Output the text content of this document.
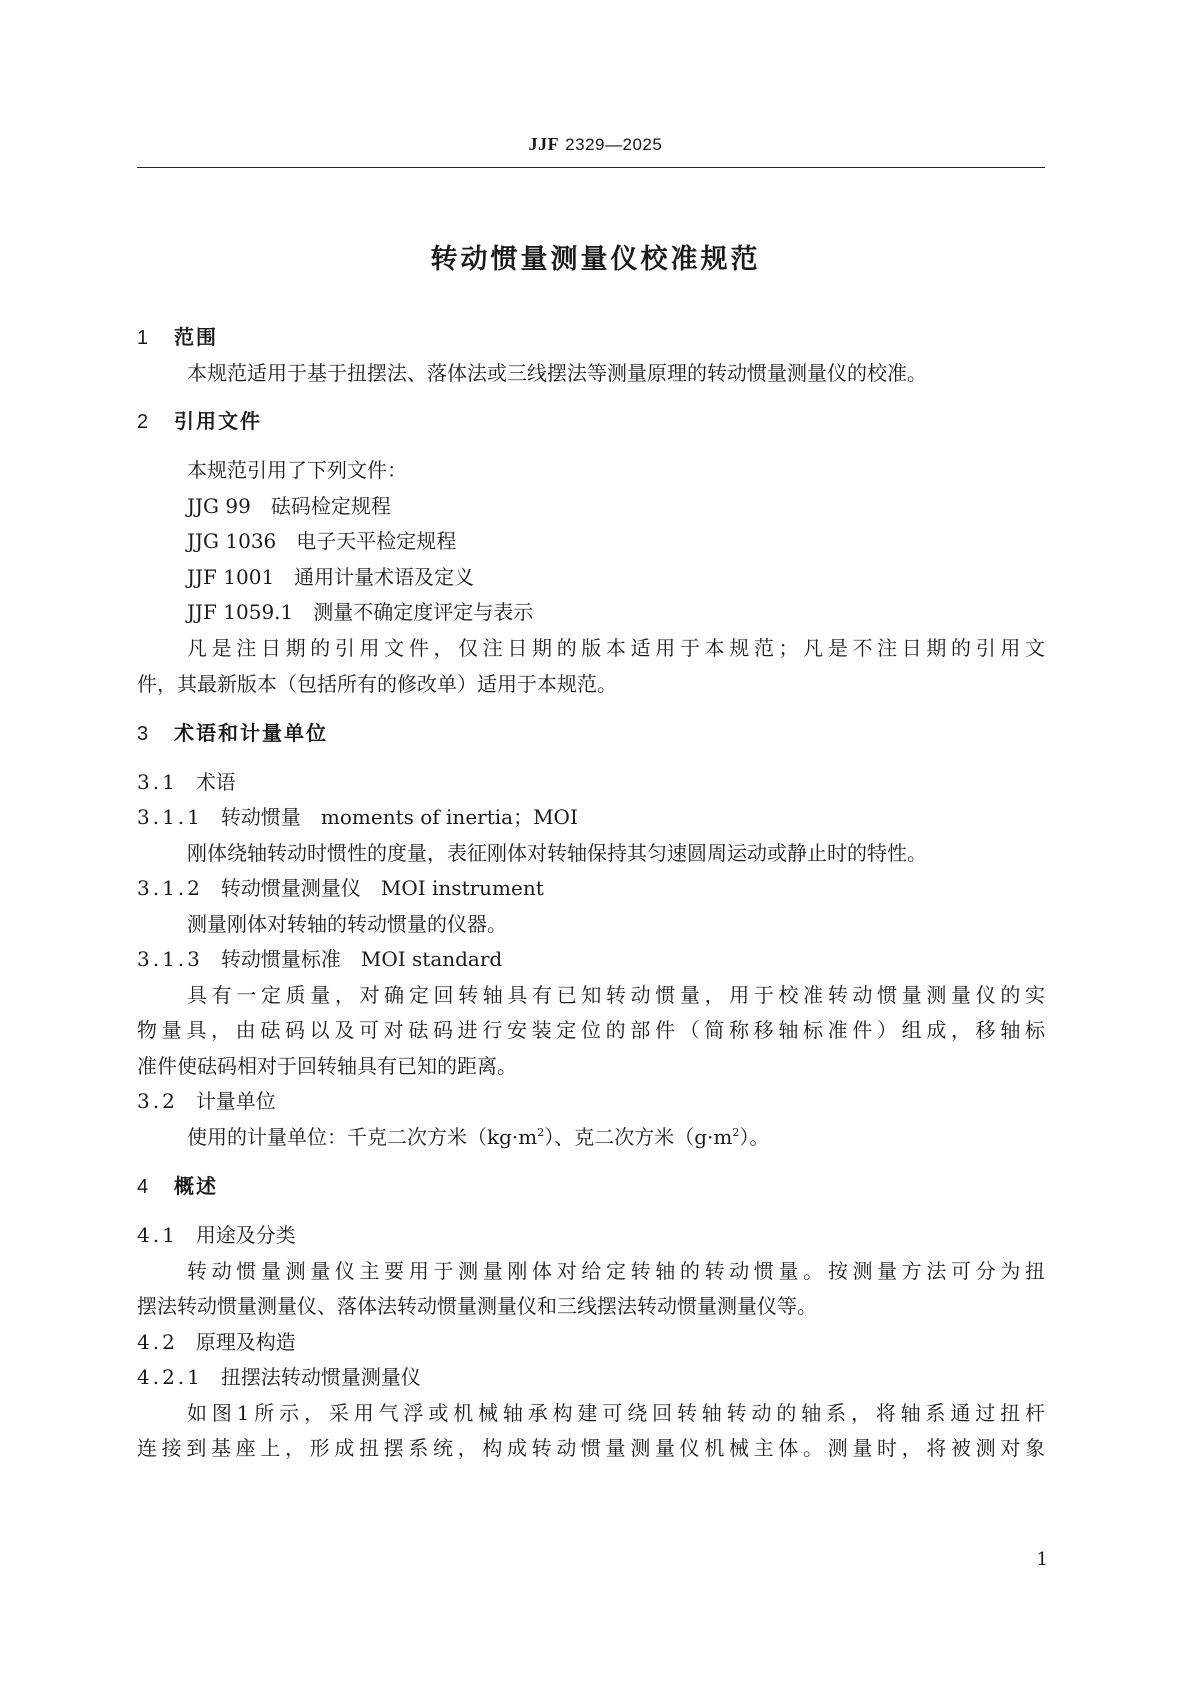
JJF 2329—2025
转动惯量测量仪校准规范
1 范围
本规范适用于基于扭摆法、落体法或三线摆法等测量原理的转动惯量测量仪的校准。
2 引用文件
本规范引用了下列文件：
JJG 99 砝码检定规程
JJG 1036 电子天平检定规程
JJF 1001 通用计量术语及定义
JJF 1059.1 测量不确定度评定与表示
凡是注日期的引用文件，仅注日期的版本适用于本规范；凡是不注日期的引用文
件，其最新版本（包括所有的修改单）适用于本规范。
3 术语和计量单位
3.1 术语
3.1.1 转动惯量 moments of inertia；MOI
刚体绕轴转动时惯性的度量，表征刚体对转轴保持其匀速圆周运动或静止时的特性。
3.1.2 转动惯量测量仪 MOI instrument
测量刚体对转轴的转动惯量的仪器。
3.1.3 转动惯量标准 MOI standard
具有一定质量，对确定回转轴具有已知转动惯量，用于校准转动惯量测量仪的实
物量具，由砝码以及可对砝码进行安装定位的部件（简称移轴标准件）组成，移轴标
准件使砝码相对于回转轴具有已知的距离。
3.2 计量单位
使用的计量单位：千克二次方米$(kg\cdot m^2)$、克二次方米$(g\cdot m^2)$。
4 概述
4.1 用途及分类
转动惯量测量仪主要用于测量刚体对给定转轴的转动惯量。按测量方法可分为扭
摆法转动惯量测量仪、落体法转动惯量测量仪和三线摆法转动惯量测量仪等。
4.2 原理及构造
4.2.1 扭摆法转动惯量测量仪
如图1所示，采用气浮或机械轴承构建可绕回转轴转动的轴系，将轴系通过扭杆
连接到基座上，形成扭摆系统，构成转动惯量测量仪机械主体。测量时，将被测对象
1
